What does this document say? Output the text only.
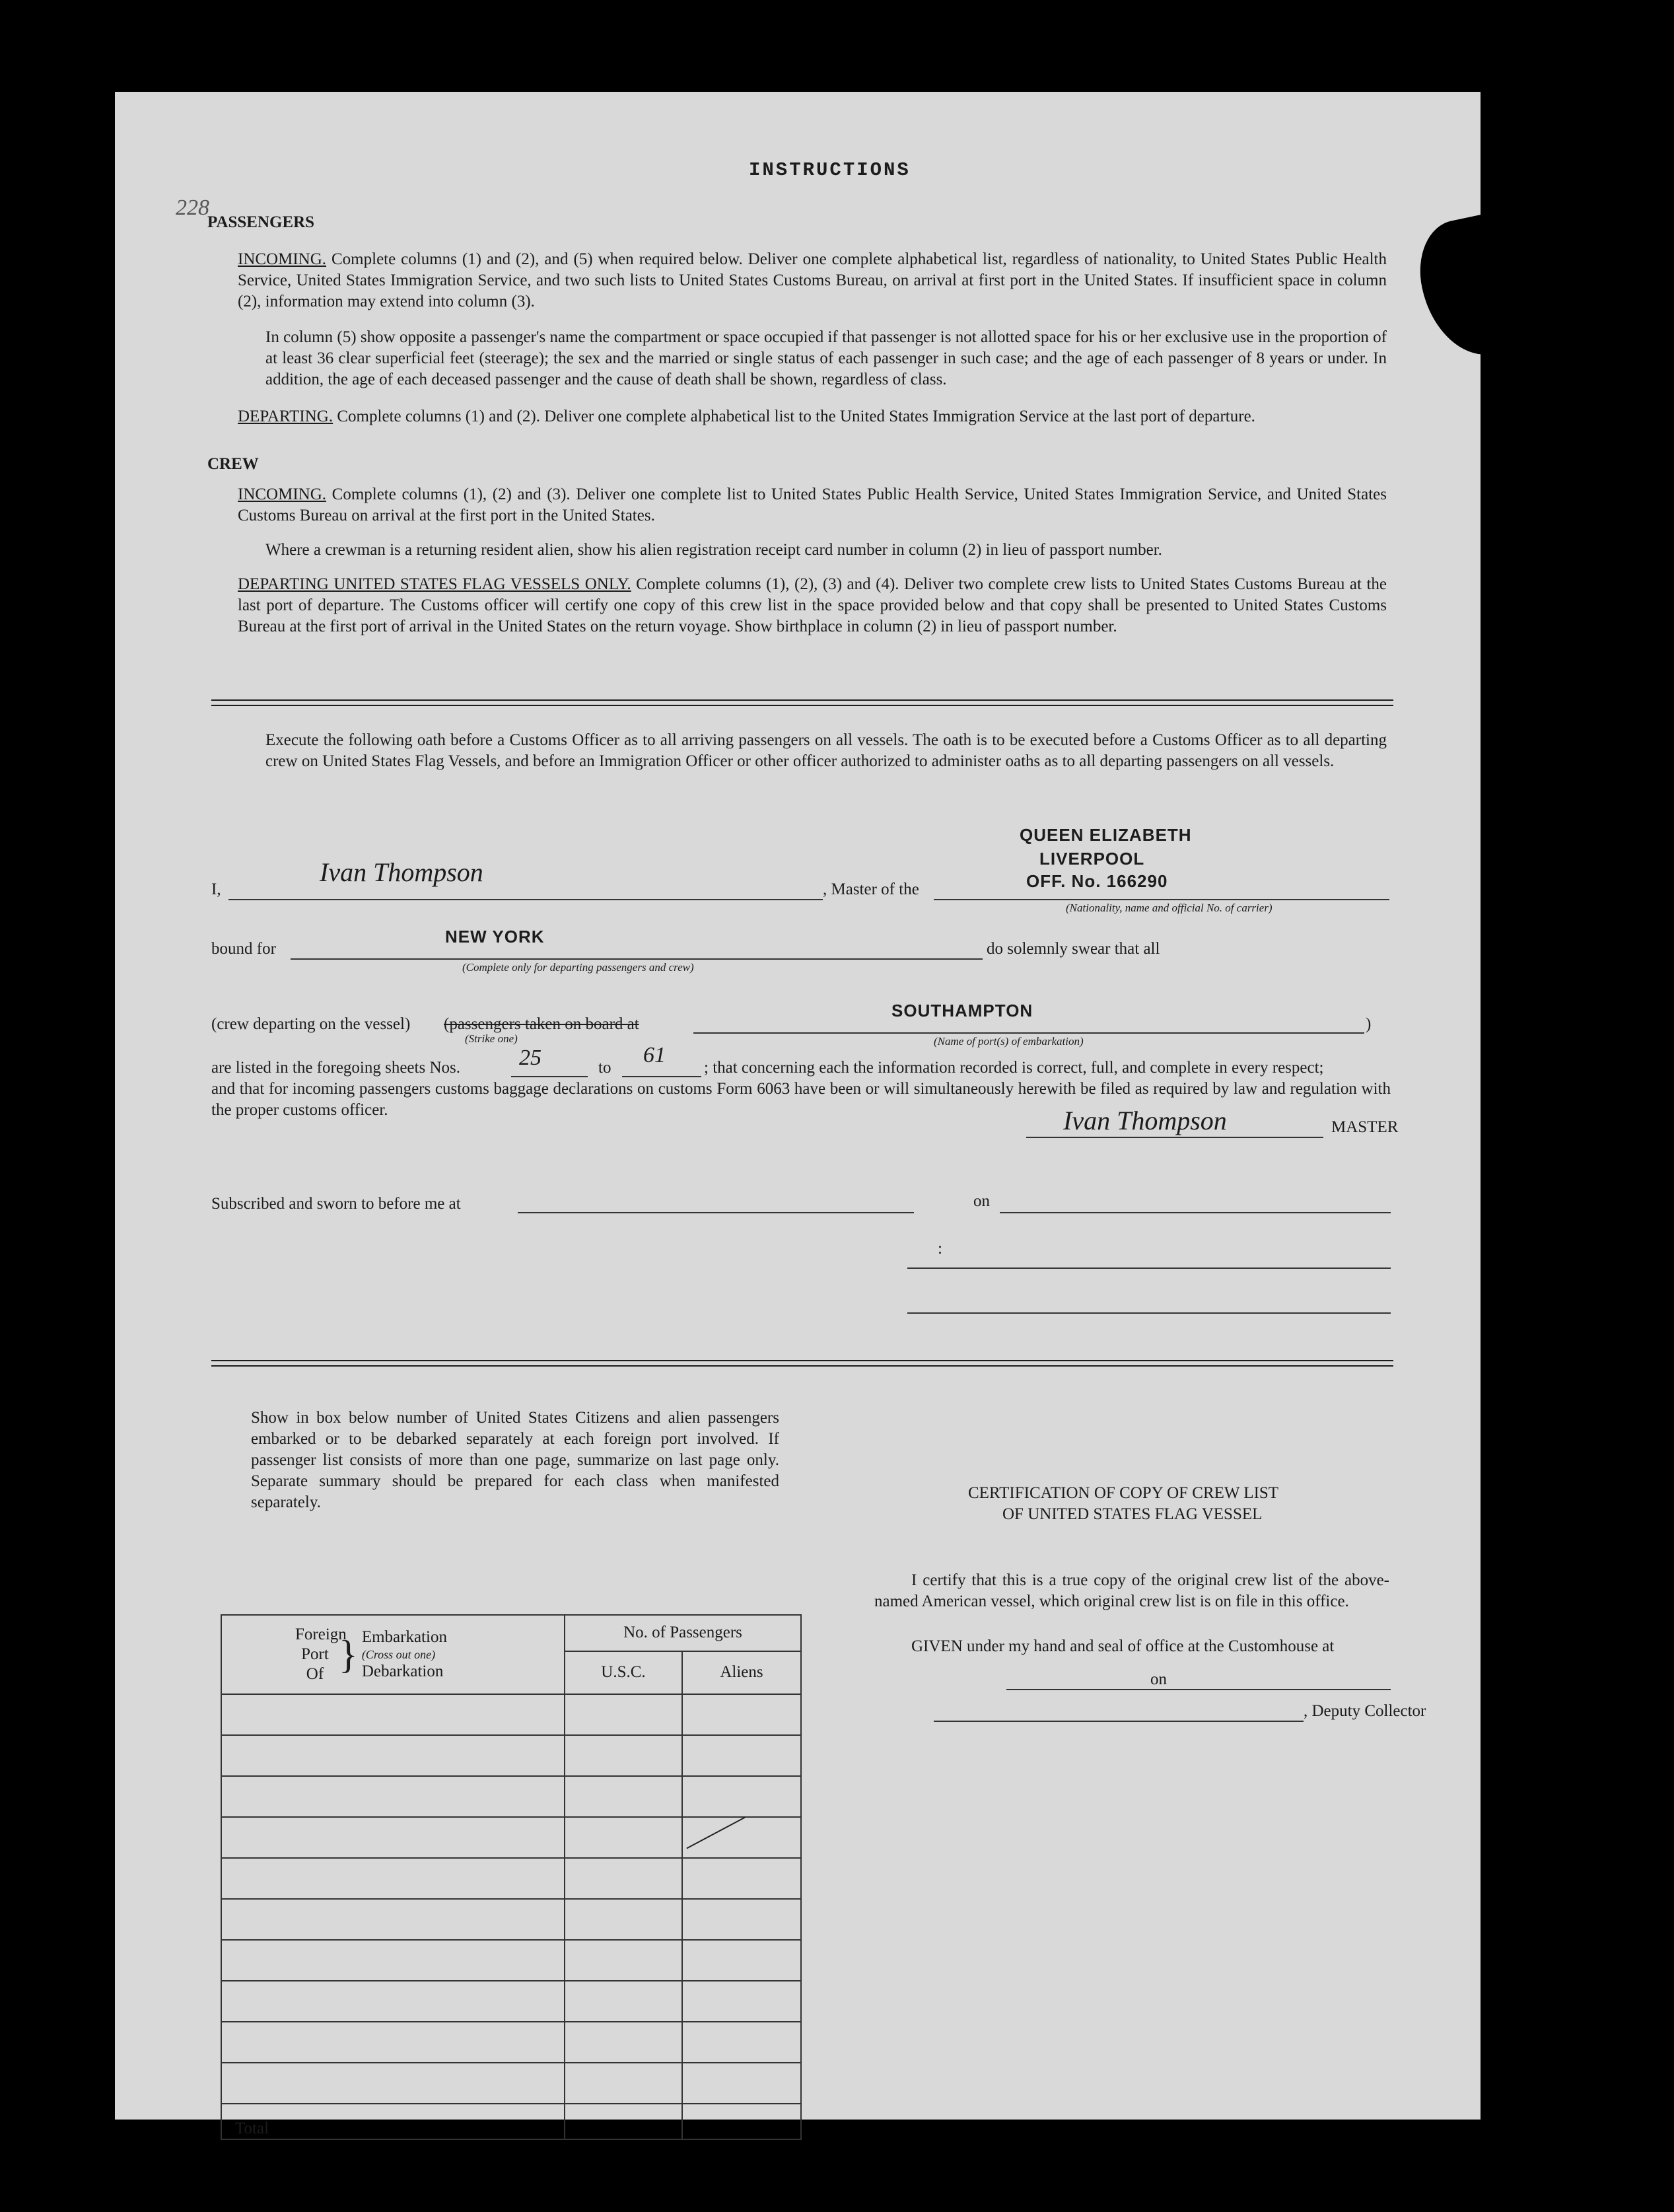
228
INSTRUCTIONS
PASSENGERS
INCOMING. Complete columns (1) and (2), and (5) when required below. Deliver one complete alphabetical list, regardless of nationality, to United States Public Health Service, United States Immigration Service, and two such lists to United States Customs Bureau, on arrival at first port in the United States. If insufficient space in column (2), information may extend into column (3).
In column (5) show opposite a passenger's name the compartment or space occupied if that passenger is not allotted space for his or her exclusive use in the proportion of at least 36 clear superficial feet (steerage); the sex and the married or single status of each passenger in such case; and the age of each passenger of 8 years or under. In addition, the age of each deceased passenger and the cause of death shall be shown, regardless of class.
DEPARTING. Complete columns (1) and (2). Deliver one complete alphabetical list to the United States Immigration Service at the last port of departure.
CREW
INCOMING. Complete columns (1), (2) and (3). Deliver one complete list to United States Public Health Service, United States Immigration Service, and United States Customs Bureau on arrival at the first port in the United States.
Where a crewman is a returning resident alien, show his alien registration receipt card number in column (2) in lieu of passport number.
DEPARTING UNITED STATES FLAG VESSELS ONLY. Complete columns (1), (2), (3) and (4). Deliver two complete crew lists to United States Customs Bureau at the last port of departure. The Customs officer will certify one copy of this crew list in the space provided below and that copy shall be presented to United States Customs Bureau at the first port of arrival in the United States on the return voyage. Show birthplace in column (2) in lieu of passport number.
Execute the following oath before a Customs Officer as to all arriving passengers on all vessels. The oath is to be executed before a Customs Officer as to all departing crew on United States Flag Vessels, and before an Immigration Officer or other officer authorized to administer oaths as to all departing passengers on all vessels.
I,
Ivan Thompson
, Master of the
QUEEN ELIZABETH
LIVERPOOL
OFF. No. 166290
(Nationality, name and official No. of carrier)
bound for
NEW YORK
(Complete only for departing passengers and crew)
do solemnly swear that all
(crew departing on the vessel) (passengers taken on board at
(Strike one)
SOUTHAMPTON
(Name of port(s) of embarkation)
)
are listed in the foregoing sheets Nos.	25	to
61
; that concerning each the information recorded is correct, full, and complete in every respect;
and that for incoming passengers customs baggage declarations on customs Form 6063 have been or will simultaneously herewith be filed as required by law and regulation with the proper customs officer.	Ivan Thompson	MASTER
Subscribed and sworn to before me at	on
:
Show in box below number of United States Citizens and alien passengers embarked or to be debarked separately at each foreign port involved. If passenger list consists of more than one page, summarize on last page only. Separate summary should be prepared for each class when manifested separately.
Foreign Port Of } Embarkation
(Cross out one)
Debarkation	No. of Passengers	
	U.S.C.	Aliens

Total		
CERTIFICATION OF COPY OF CREW LIST
OF UNITED STATES FLAG VESSEL
I certify that this is a true copy of the original crew list of the above-named American vessel, which original crew list is on file in this office.
GIVEN under my hand and seal of office at the Customhouse at
on
, Deputy Collector
